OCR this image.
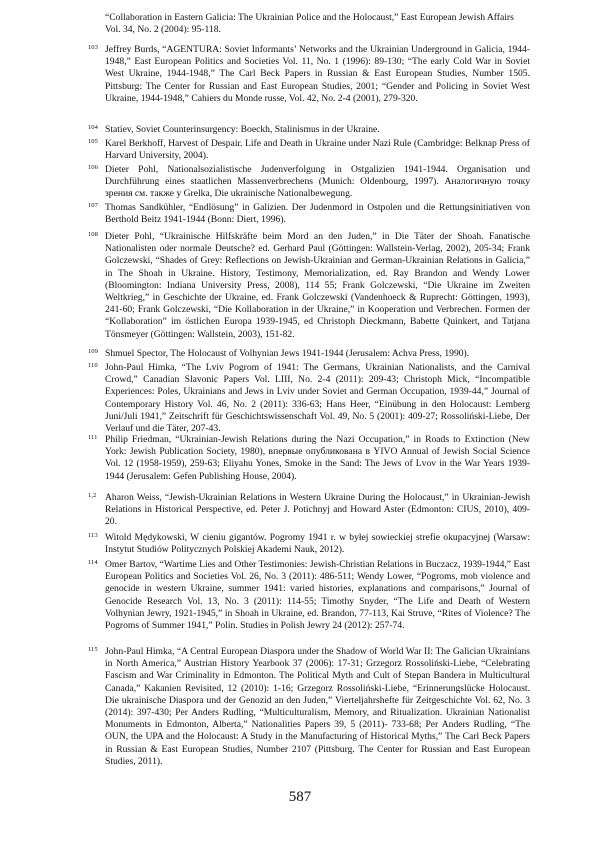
“Collaboration in Eastern Galicia: The Ukrainian Police and the Holocaust,” East European Jewish Affairs Vol. 34, No. 2 (2004): 95-118.
103 Jeffrey Burds, “AGENTURA: Soviet Informants’ Networks and the Ukrainian Underground in Galicia, 1944-1948,” East European Politics and Societies Vol. 11, No. 1 (1996): 89-130; “The early Cold War in Soviet West Ukraine, 1944-1948,” The Carl Beck Papers in Russian & East European Studies, Number 1505. Pittsburg: The Center for Russian and East European Studies, 2001; “Gender and Policing in Soviet West Ukraine, 1944-1948,” Cahiers du Monde russe, Vol. 42, No. 2-4 (2001), 279-320.
104 Statiev, Soviet Counterinsurgency: Boeckh, Stalinismus in der Ukraine.
105 Karel Berkhoff, Harvest of Despair. Life and Death in Ukraine under Nazi Rule (Cambridge: Belknap Press of Harvard University, 2004).
106 Dieter Pohl, Nationalsozialistische Judenverfolgung in Ostgalizien 1941-1944. Organisation und Durchführung eines staatlichen Massenverbrechens (Munich: Oldenbourg, 1997). Аналогичную точку зрения см. также у Grelka, Die ukrainische Nationalbewegung.
107 Thomas Sandkühler, “Endlösung” in Galizien. Der Judenmord in Ostpolen und die Rettungsinitiativen von Berthold Beitz 1941-1944 (Bonn: Diert, 1996).
108 Dieter Pohl, “Ukrainische Hilfskräfte beim Mord an den Juden,” in Die Täter der Shoah. Fanatische Nationalisten oder normale Deutsche? ed. Gerhard Paul (Göttingen: Wallstein-Verlag, 2002), 205-34; Frank Golczewski, “Shades of Grey: Reflections on Jewish-Ukrainian and German-Ukrainian Relations in Galicia,” in The Shoah in Ukraine. History, Testimony, Memorialization, ed. Ray Brandon and Wendy Lower (Bloomington: Indiana University Press, 2008), 114 55; Frank Golczewski, “Die Ukraine im Zweiten Weltkrieg,” in Geschichte der Ukraine, ed. Frank Golczewski (Vandenhoeck & Ruprecht: Göttingen, 1993), 241-60; Frank Golczewski, “Die Kollaboration in der Ukraine,” in Kooperation und Verbrechen. Formen der “Kollaboration” im östlichen Europa 1939-1945, ed Christoph Dieckmann, Babette Quinkert, and Tatjana Tönsmeyer (Göttingen: Wallstein, 2003), 151-82.
109 Shmuel Spector, The Holocaust of Volhynian Jews 1941-1944 (Jerusalem: Achva Press, 1990).
110 John-Paul Himka, “The Lviv Pogrom of 1941: The Germans, Ukrainian Nationalists, and the Carnival Crowd,” Canadian Slavonic Papers Vol. LIII, No. 2-4 (2011): 209-43; Christoph Mick, “Incompatible Experiences: Poles, Ukrainians and Jews in Lviv under Soviet and German Occupation, 1939-44,” Journal of Contemporary History Vol. 46, No. 2 (2011): 336-63; Hans Heer, “Einübung in den Holocaust: Lemberg Juni/Juli 1941,” Zeitschrift für Geschichtswissenschaft Vol. 49, No. 5 (2001): 409-27; Rossoliński-Liebe, Der Verlauf und die Täter, 207-43.
111 Philip Friedman, “Ukrainian-Jewish Relations during the Nazi Occupation,” in Roads to Extinction (New York: Jewish Publication Society, 1980), впервые опубликована в YIVO Annual of Jewish Social Science Vol. 12 (1958-1959), 259-63; Eliyahu Yones, Smoke in the Sand: The Jews of Lvov in the War Years 1939-1944 (Jerusalem: Gefen Publishing House, 2004).
1,2 Aharon Weiss, “Jewish-Ukrainian Relations in Western Ukraine During the Holocaust,” in Ukrainian-Jewish Relations in Historical Perspective, ed. Peter J. Potichnyj and Howard Aster (Edmonton: CIUS, 2010), 409-20.
113 Witold Mędykowski, W cieniu gigantów. Pogromy 1941 r. w byłej sowieckiej strefie okupacyjnej (Warsaw: Instytut Studiów Politycznych Polskiej Akademi Nauk, 2012).
114 Omer Bartov, “Wartime Lies and Other Testimonies: Jewish-Christian Relations in Buczacz, 1939-1944,” East European Politics and Societies Vol. 26, No. 3 (2011): 486-511; Wendy Lower, “Pogroms, mob violence and genocide in western Ukraine, summer 1941: varied histories, explanations and comparisons,” Journal of Genocide Research Vol. 13, No. 3 (2011): 114-55; Timothy Snyder, “The Life and Death of Western Volhynian Jewry, 1921-1945,” in Shoah in Ukraine, ed. Brandon, 77-113, Kai Struve, “Rites of Violence? The Pogroms of Summer 1941,” Polin. Studies in Polish Jewry 24 (2012): 257-74.
115 John-Paul Himka, “A Central European Diaspora under the Shadow of World War II: The Galician Ukrainians in North America,” Austrian History Yearbook 37 (2006): 17-31; Grzegorz Rossoliński-Liebe, “Celebrating Fascism and War Criminality in Edmonton. The Political Myth and Cult of Stepan Bandera in Multicultural Canada,” Kakanien Revisited, 12 (2010): 1-16; Grzegorz Rossoliński-Liebe, “Erinnerungslücke Holocaust. Die ukrainische Diaspora und der Genozid an den Juden,” Vierteljahrshefte für Zeitgeschichte Vol. 62, No. 3 (2014): 397-430; Per Anders Rudling, “Multiculturalism, Memory, and Ritualization. Ukrainian Nationalist Monuments in Edmonton, Alberta,” Nationalities Papers 39, 5 (2011)- 733-68; Per Anders Rudling, “The OUN, the UPA and the Holocaust: A Study in the Manufacturing of Historical Myths,” The Carl Beck Papers in Russian & East European Studies, Number 2107 (Pittsburg. The Center for Russian and East European Studies, 2011).
587
